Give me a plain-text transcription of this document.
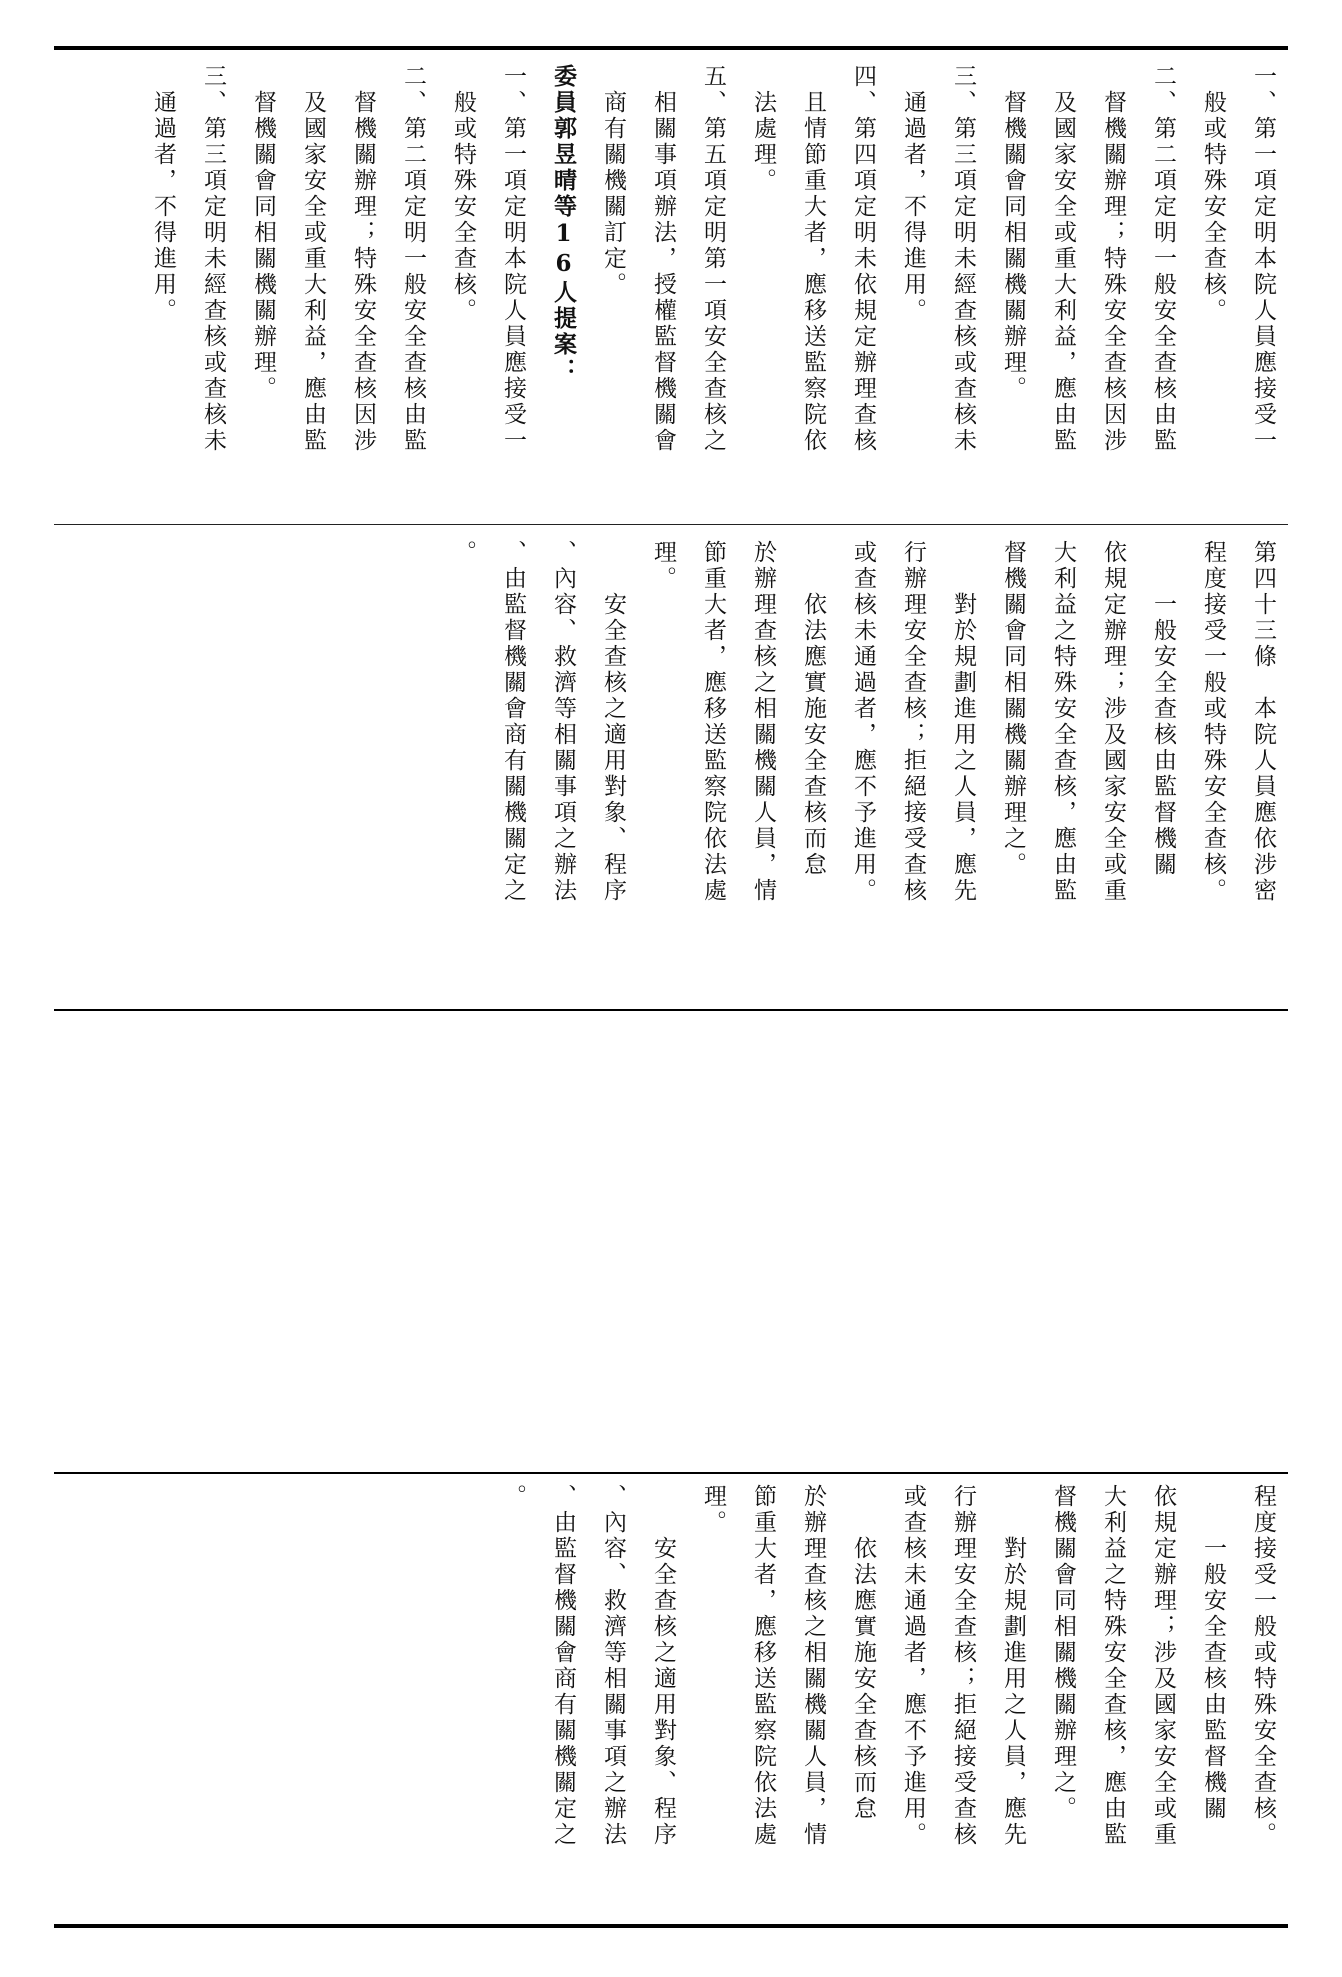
一、第一項定明本院人員應接受一

　般或特殊安全查核。

二、第二項定明一般安全查核由監

　督機關辦理；特殊安全查核因涉

　及國家安全或重大利益，應由監

　督機關會同相關機關辦理。

三、第三項定明未經查核或查核未

　通過者，不得進用。

四、第四項定明未依規定辦理查核

　且情節重大者，應移送監察院依

　法處理。

五、第五項定明第一項安全查核之

　相關事項辦法，授權監督機關會

　商有關機關訂定。

委員郭昱晴等16人提案：

一、第一項定明本院人員應接受一

　般或特殊安全查核。

二、第二項定明一般安全查核由監

　督機關辦理；特殊安全查核因涉

　及國家安全或重大利益，應由監

　督機關會同相關機關辦理。

三、第三項定明未經查核或查核未

　通過者，不得進用。

第四十三條　本院人員應依涉密

程度接受一般或特殊安全查核。

　　一般安全查核由監督機關

依規定辦理；涉及國家安全或重

大利益之特殊安全查核，應由監

督機關會同相關機關辦理之。

　　對於規劃進用之人員，應先

行辦理安全查核；拒絕接受查核

或查核未通過者，應不予進用。

　　依法應實施安全查核而怠

於辦理查核之相關機關人員，情

節重大者，應移送監察院依法處

理。

　　安全查核之適用對象、程序

、內容、救濟等相關事項之辦法

、由監督機關會商有關機關定之

。

程度接受一般或特殊安全查核。

　　一般安全查核由監督機關

依規定辦理；涉及國家安全或重

大利益之特殊安全查核，應由監

督機關會同相關機關辦理之。

　　對於規劃進用之人員，應先

行辦理安全查核；拒絕接受查核

或查核未通過者，應不予進用。

　　依法應實施安全查核而怠

於辦理查核之相關機關人員，情

節重大者，應移送監察院依法處

理。

　　安全查核之適用對象、程序

、內容、救濟等相關事項之辦法

、由監督機關會商有關機關定之

。
